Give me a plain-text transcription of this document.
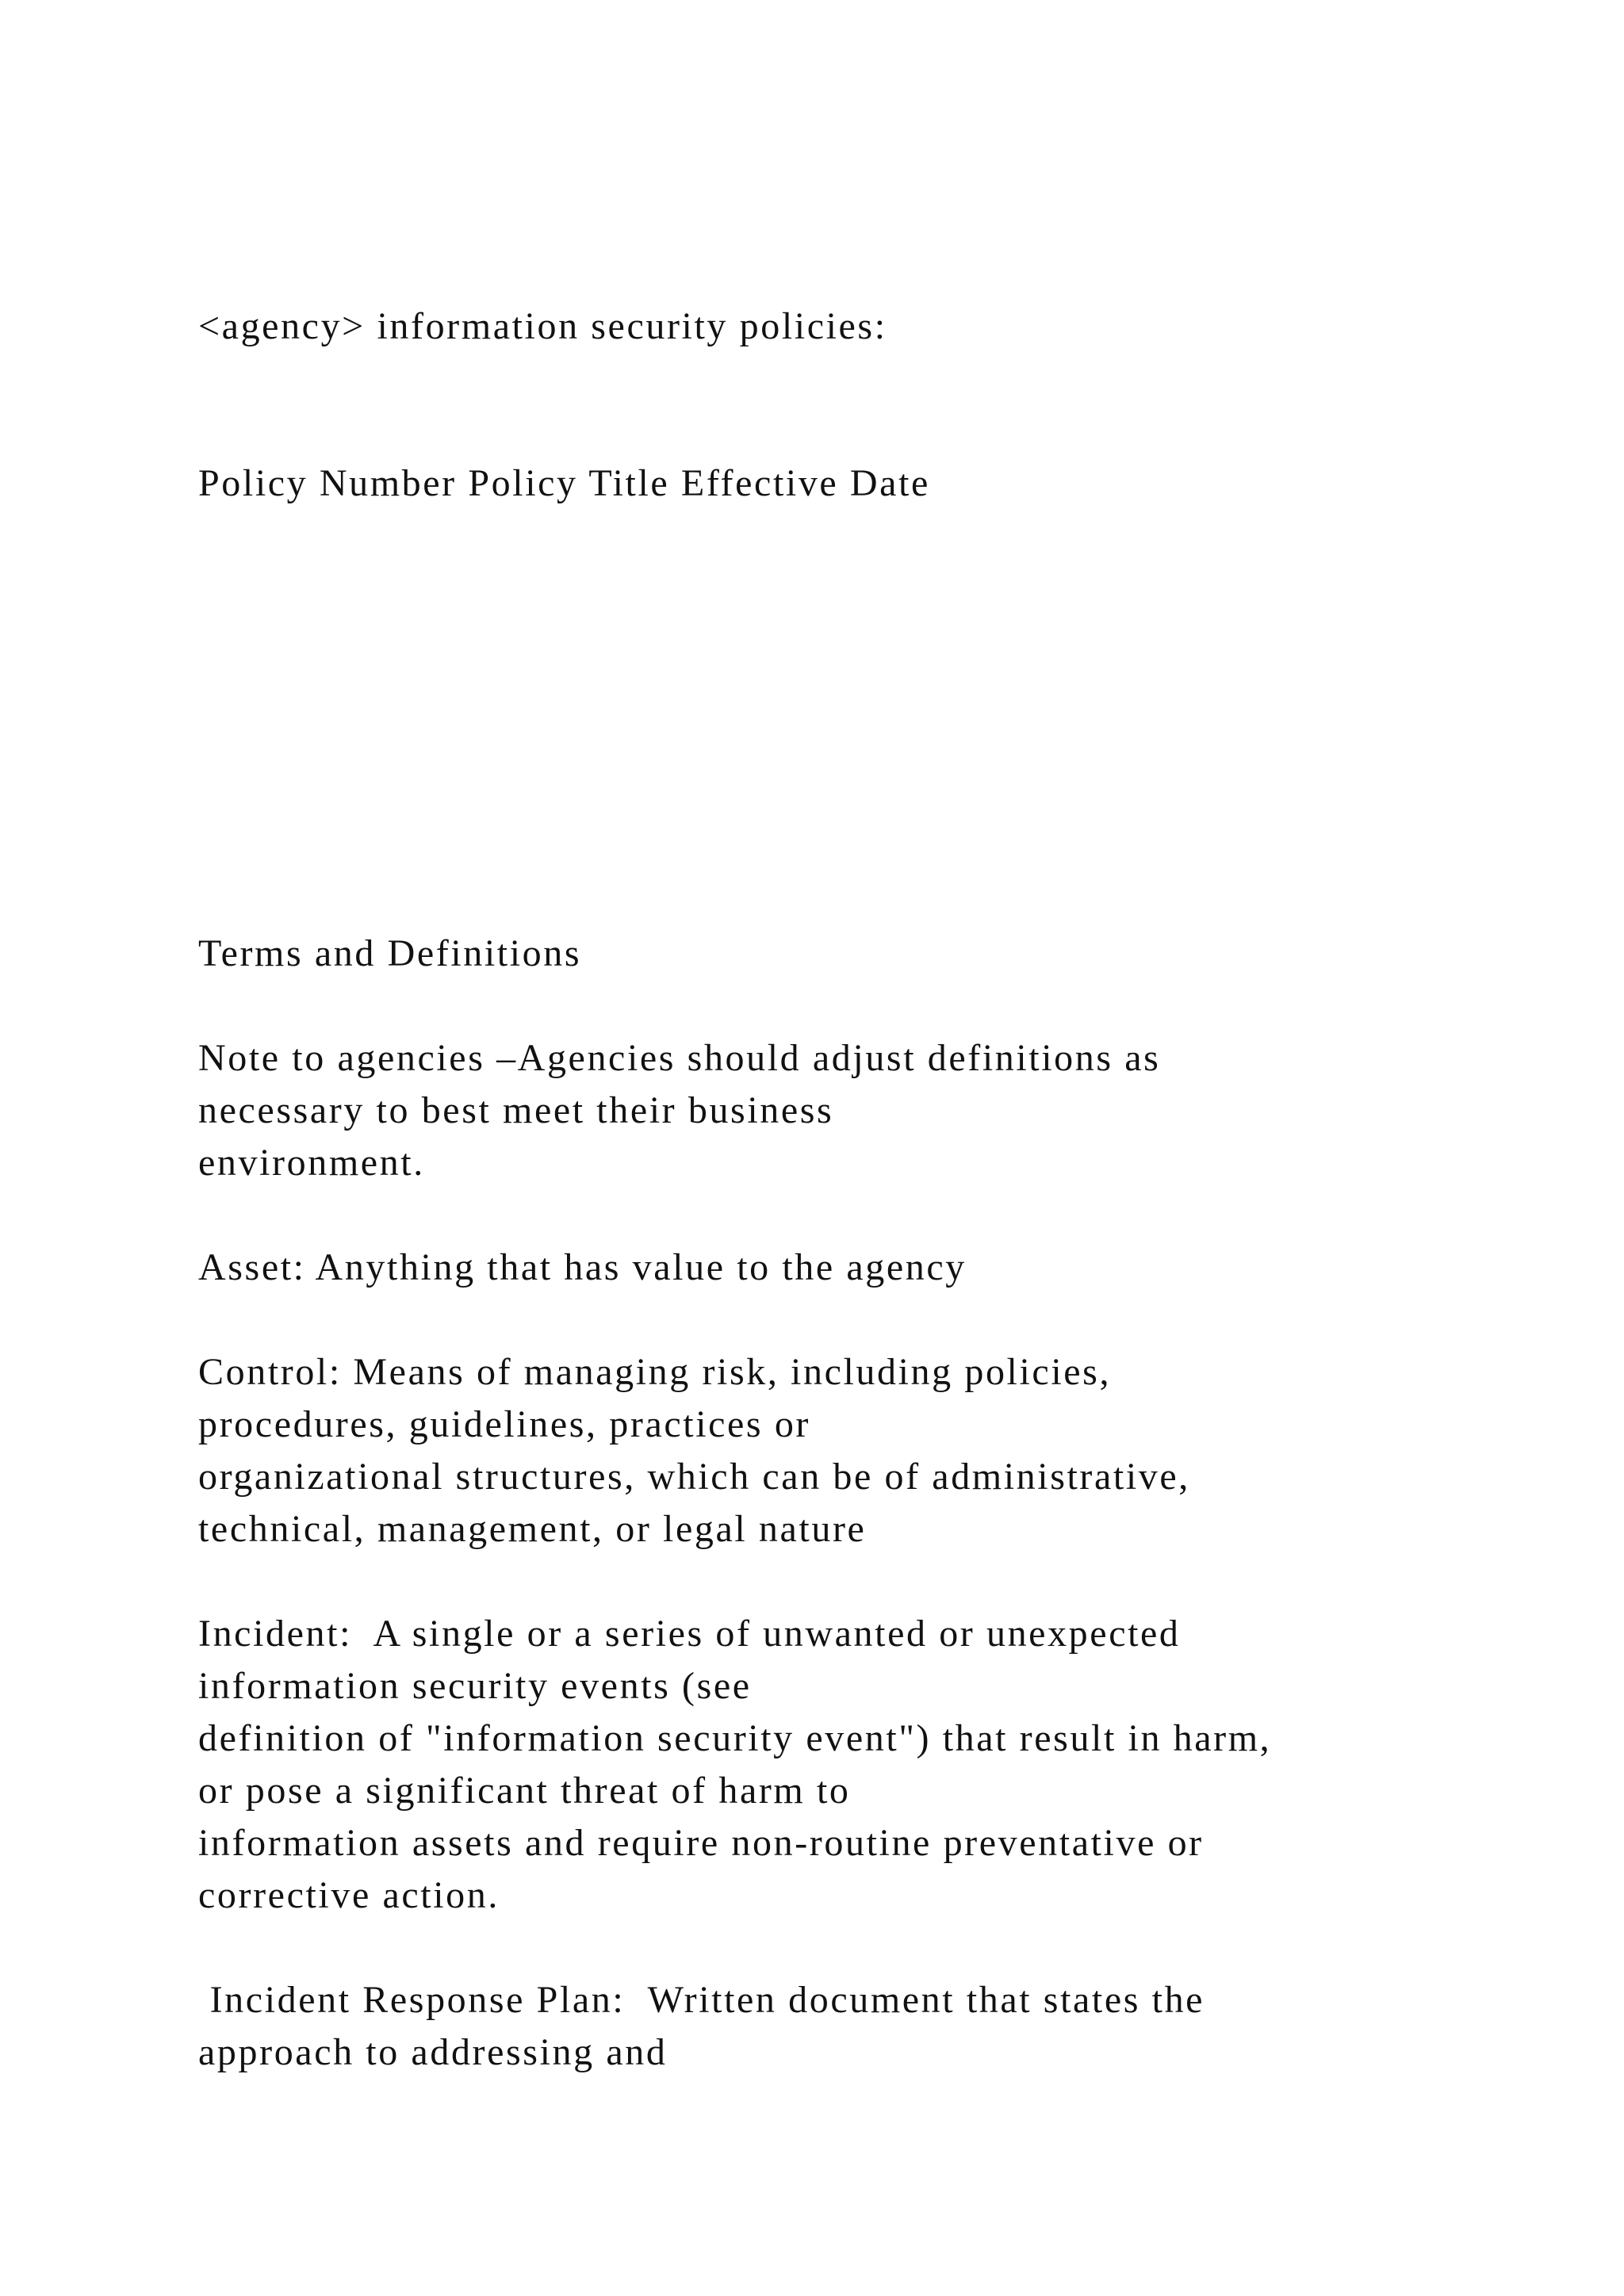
<agency> information security policies:

Policy Number Policy Title Effective Date

Terms and Definitions

Note to agencies –Agencies should adjust definitions as

necessary to best meet their business

environment.

Asset: Anything that has value to the agency

Control: Means of managing risk, including policies,

procedures, guidelines, practices or

organizational structures, which can be of administrative,

technical, management, or legal nature

Incident:  A single or a series of unwanted or unexpected

information security events (see

definition of "information security event") that result in harm,

or pose a significant threat of harm to

information assets and require non-routine preventative or

corrective action.

Incident Response Plan:  Written document that states the

approach to addressing and
